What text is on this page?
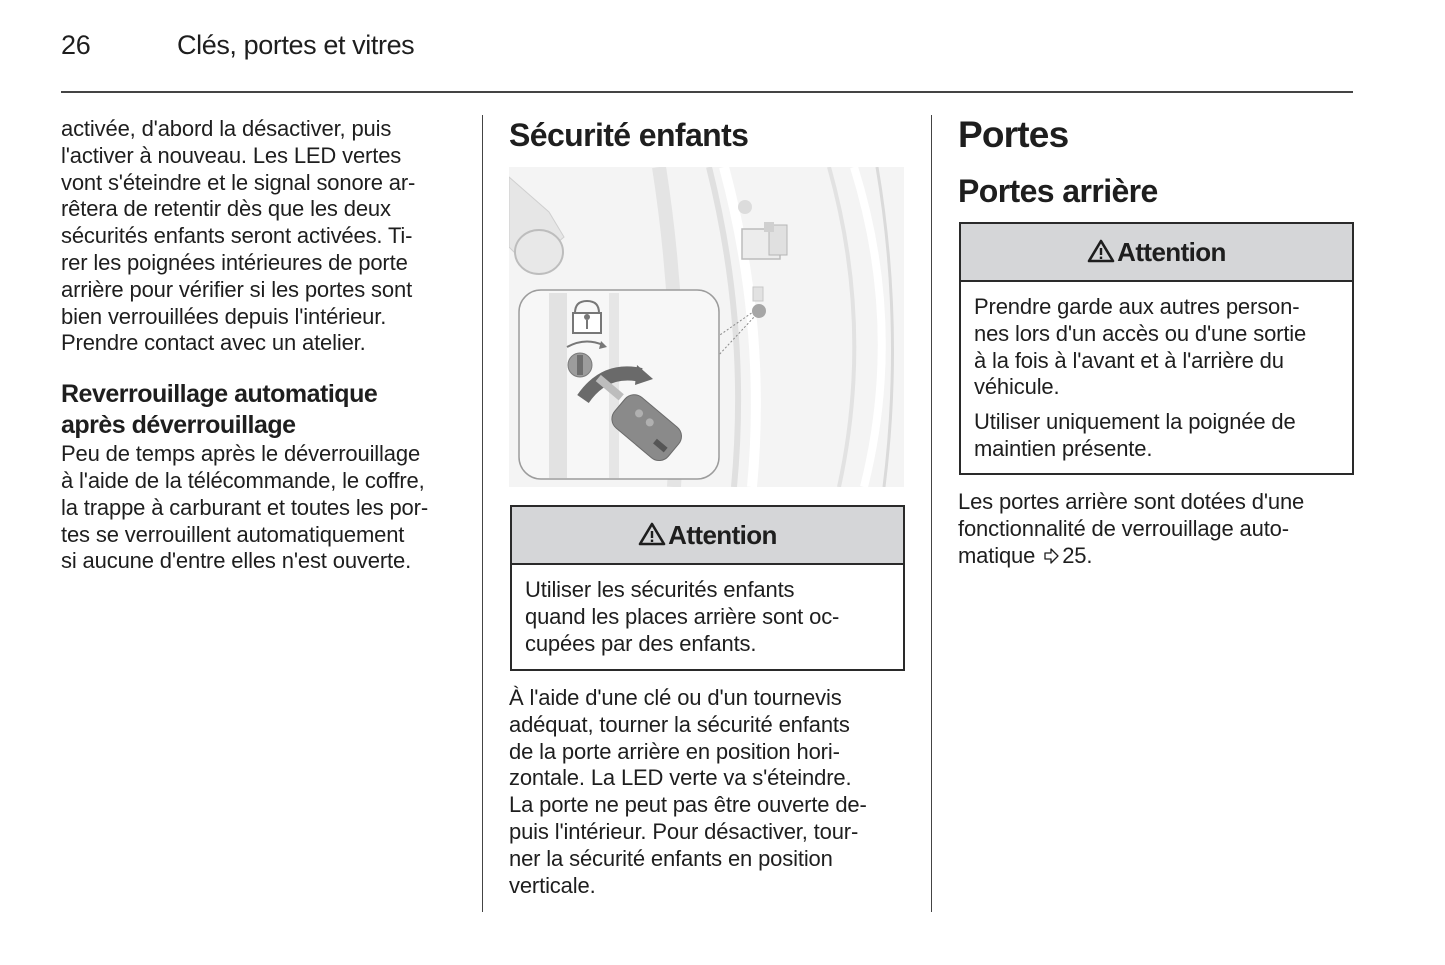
26	Clés, portes et vitres

activée, d'abord la désactiver, puis
l'activer à nouveau. Les LED vertes
vont s'éteindre et le signal sonore ar-
rêtera de retentir dès que les deux
sécurités enfants seront activées. Ti-
rer les poignées intérieures de porte
arrière pour vérifier si les portes sont
bien verrouillées depuis l'intérieur.
Prendre contact avec un atelier.

Reverrouillage automatique
après déverrouillage

Peu de temps après le déverrouillage
à l'aide de la télécommande, le coffre,
la trappe à carburant et toutes les por-
tes se verrouillent automatiquement
si aucune d'entre elles n'est ouverte.

Sécurité enfants
Attention
Utiliser les sécurités enfants
quand les places arrière sont oc-
cupées par des enfants.

À l'aide d'une clé ou d'un tournevis
adéquat, tourner la sécurité enfants
de la porte arrière en position hori-
zontale. La LED verte va s'éteindre.
La porte ne peut pas être ouverte de-
puis l'intérieur. Pour désactiver, tour-
ner la sécurité enfants en position
verticale.

Portes
Portes arrière
Attention

Prendre garde aux autres person-
nes lors d'un accès ou d'une sortie
à la fois à l'avant et à l'arrière du
véhicule.

Utiliser uniquement la poignée de
maintien présente.

Les portes arrière sont dotées d'une
fonctionnalité de verrouillage auto-
matique 25.
